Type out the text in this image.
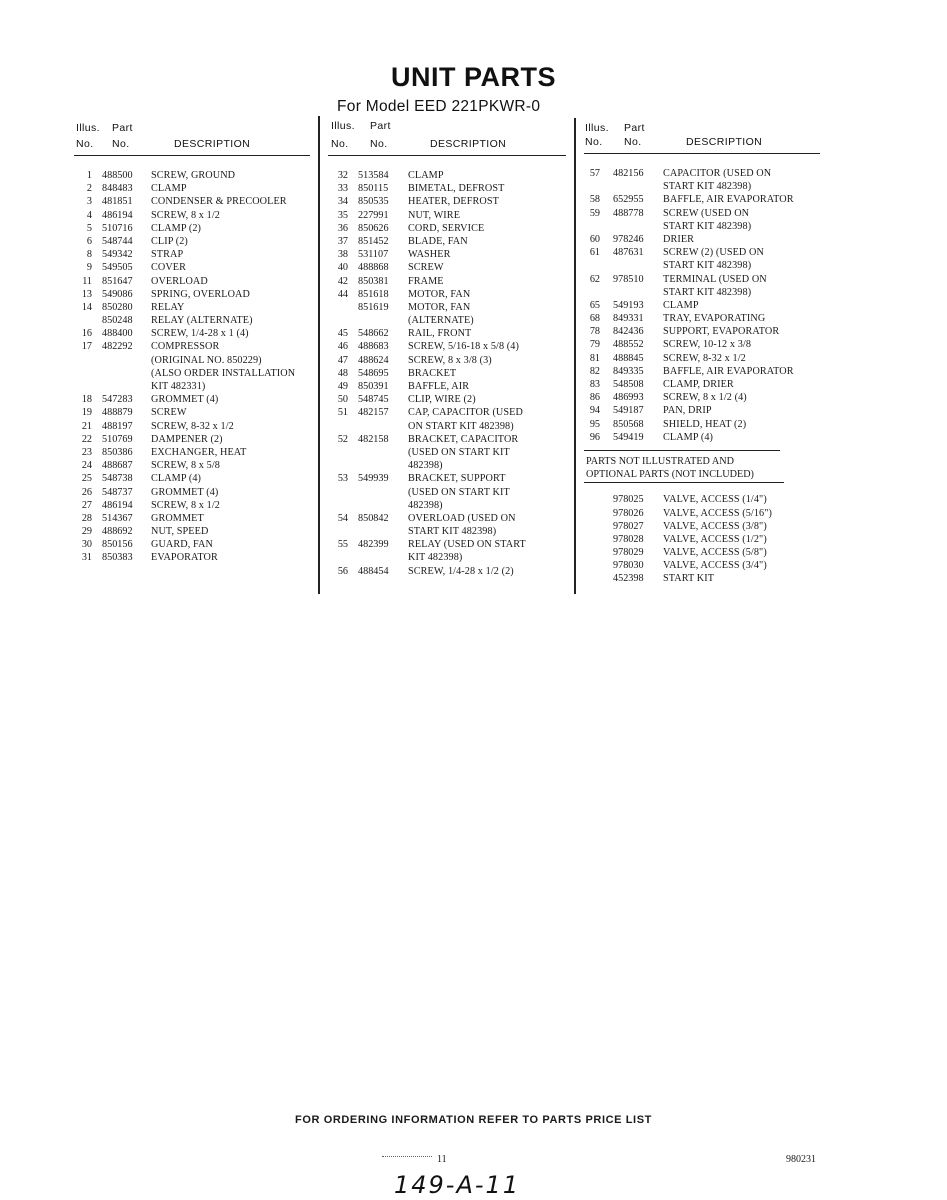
UNIT PARTS
For Model EED 221PKWR-0
Illus. Part
No. No.	DESCRIPTION
1 488500 SCREW, GROUND
2 848483 CLAMP
3 481851 CONDENSER & PRECOOLER
4 486194 SCREW, 8 x 1/2
5 510716 CLAMP (2)
6 548744 CLIP (2)
8 549342 STRAP
9 549505 COVER
11 851647 OVERLOAD
13 549086 SPRING, OVERLOAD
14 850280 RELAY
850248 RELAY (ALTERNATE)
16 488400 SCREW, 1/4-28 x 1 (4)
17 482292 COMPRESSOR
(ORIGINAL NO. 850229)
(ALSO ORDER INSTALLATION
KIT 482331)
18 547283 GROMMET (4)
19 488879 SCREW
21 488197 SCREW, 8-32 x 1/2
22 510769 DAMPENER (2)
23 850386 EXCHANGER, HEAT
24 488687 SCREW, 8 x 5/8
25 548738 CLAMP (4)
26 548737 GROMMET (4)
27 486194 SCREW, 8 x 1/2
28 514367 GROMMET
29 488692 NUT, SPEED
30 850156 GUARD, FAN
31 850383 EVAPORATOR
Illus. Part
No. No.	DESCRIPTION
32 513584 CLAMP
33 850115 BIMETAL, DEFROST
34 850535 HEATER, DEFROST
35 227991 NUT, WIRE
36 850626 CORD, SERVICE
37 851452 BLADE, FAN
38 531107 WASHER
40 488868 SCREW
42 850381 FRAME
44 851618 MOTOR, FAN
851619 MOTOR, FAN
(ALTERNATE)
45 548662 RAIL, FRONT
46 488683 SCREW, 5/16-18 x 5/8 (4)
47 488624 SCREW, 8 x 3/8 (3)
48 548695 BRACKET
49 850391 BAFFLE, AIR
50 548745 CLIP, WIRE (2)
51 482157 CAP, CAPACITOR (USED
ON START KIT 482398)
52 482158 BRACKET, CAPACITOR
(USED ON START KIT
482398)
53 549939 BRACKET, SUPPORT
(USED ON START KIT
482398)
54 850842 OVERLOAD (USED ON
START KIT 482398)
55 482399 RELAY (USED ON START
KIT 482398)
56 488454 SCREW, 1/4-28 x 1/2 (2)
Illus. Part
No. No.	DESCRIPTION
57 482156 CAPACITOR (USED ON
START KIT 482398)
58 652955 BAFFLE, AIR EVAPORATOR
59 488778 SCREW (USED ON
START KIT 482398)
60 978246 DRIER
61 487631 SCREW (2) (USED ON
START KIT 482398)
62 978510 TERMINAL (USED ON
START KIT 482398)
65 549193 CLAMP
68 849331 TRAY, EVAPORATING
78 842436 SUPPORT, EVAPORATOR
79 488552 SCREW, 10-12 x 3/8
81 488845 SCREW, 8-32 x 1/2
82 849335 BAFFLE, AIR EVAPORATOR
83 548508 CLAMP, DRIER
86 486993 SCREW, 8 x 1/2 (4)
94 549187 PAN, DRIP
95 850568 SHIELD, HEAT (2)
96 549419 CLAMP (4)
PARTS NOT ILLUSTRATED AND
OPTIONAL PARTS (NOT INCLUDED)
978025 VALVE, ACCESS (1/4")
978026 VALVE, ACCESS (5/16")
978027 VALVE, ACCESS (3/8")
978028 VALVE, ACCESS (1/2")
978029 VALVE, ACCESS (5/8")
978030 VALVE, ACCESS (3/4")
452398 START KIT
FOR ORDERING INFORMATION REFER TO PARTS PRICE LIST
11	980231
149-A-11
